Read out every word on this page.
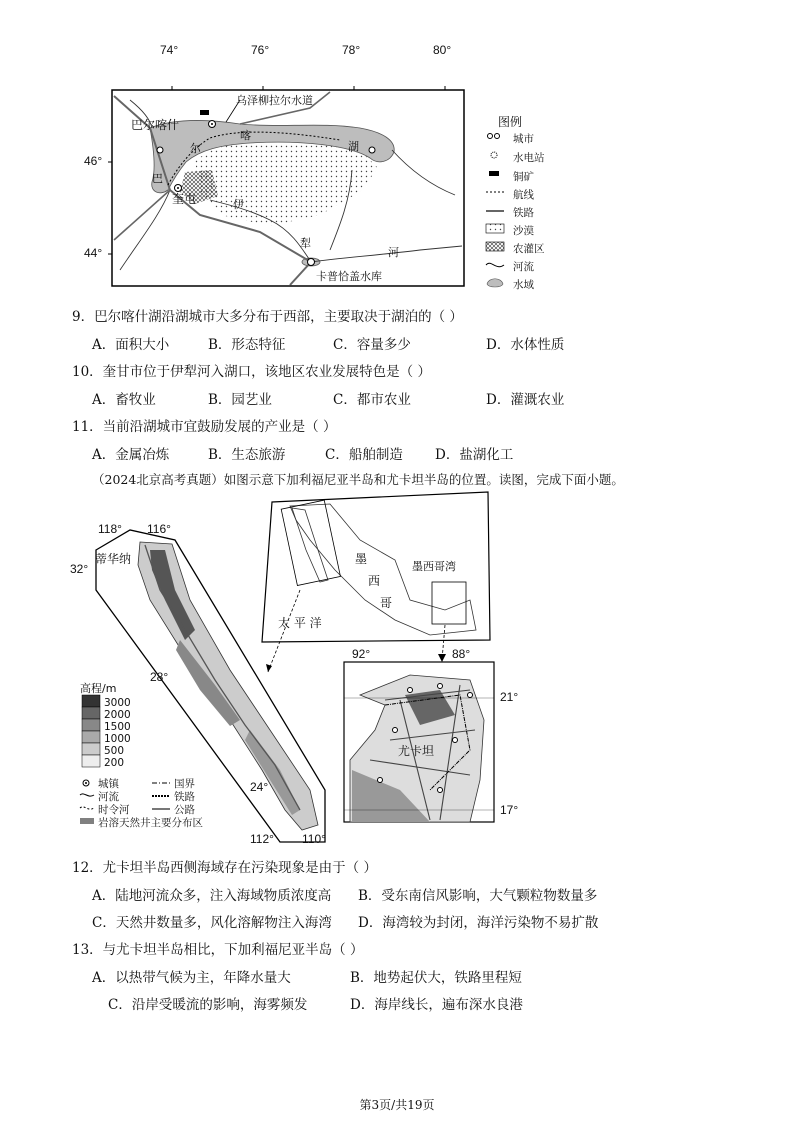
74°	76°	78°	80°
46°
44°
乌泽柳拉尔水道
巴尔喀什
奎屯
尔
喀
湖
巴
伊
犁
河
卡普恰盖水库
图例
城市
水电站
铜矿
航线
铁路
沙漠
农灌区
河流
水域
9．巴尔喀什湖沿湖城市大多分布于西部，主要取决于湖泊的（ ）
A．面积大小	B．形态特征	C．容量多少	D．水体性质
10．奎甘市位于伊犁河入湖口，该地区农业发展特色是（ ）
A．畜牧业	B．园艺业	C．都市农业	D．灌溉农业
11．当前沿湖城市宜鼓励发展的产业是（ ）
A．金属冶炼	B．生态旅游	C．船舶制造 D．盐湖化工
（2024北京高考真题）如图示意下加利福尼亚半岛和尤卡坦半岛的位置。读图，完成下面小题。
118° 116°
32°
28°
24°
112° 110°
蒂华纳	墨
西
哥
墨西哥湾
太 平 洋
92°	88°
21°
17°
尤卡坦
高程/m
3000
2000
1500
1000
500
200
城镇	国界
河流	铁路
时令河	公路
岩溶天然井主要分布区
12．尤卡坦半岛西侧海域存在污染现象是由于（ ）
A．陆地河流众多，注入海域物质浓度高 B．受东南信风影响，大气颗粒物数量多
C．天然井数量多，风化溶解物注入海湾 D．海湾较为封闭，海洋污染物不易扩散
13．与尤卡坦半岛相比，下加利福尼亚半岛（ ）
A．以热带气候为主，年降水量大	B．地势起伏大，铁路里程短
C．沿岸受暖流的影响，海雾频发	D．海岸线长，遍布深水良港
第3页/共19页
